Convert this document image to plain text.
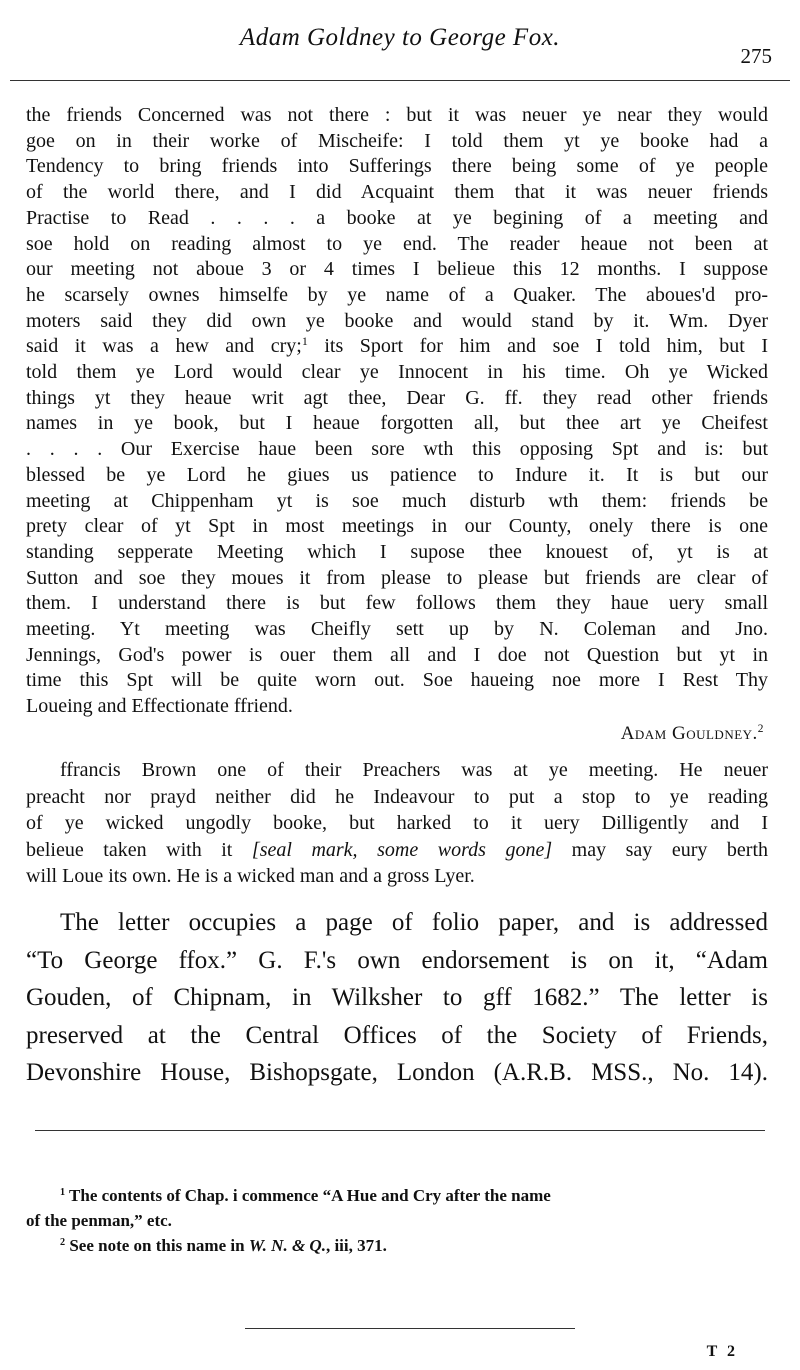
Adam Goldney to George Fox.
275
the friends Concerned was not there : but it was neuer ye near they would
goe on in their worke of Mischeife: I told them yt ye booke had a
Tendency to bring friends into Sufferings there being some of ye people
of the world there, and I did Acquaint them that it was neuer friends
Practise to Read . . . . a booke at ye begining of a meeting and
soe hold on reading almost to ye end. The reader heaue not been at
our meeting not aboue 3 or 4 times I belieue this 12 months. I suppose
he scarsely ownes himselfe by ye name of a Quaker. The aboues'd pro-
moters said they did own ye booke and would stand by it. Wm. Dyer
said it was a hew and cry;$^1$ its Sport for him and soe I told him, but I
told them ye Lord would clear ye Innocent in his time. Oh ye Wicked
things yt they heaue writ agt thee, Dear G. ff. they read other friends
names in ye book, but I heaue forgotten all, but thee art ye Cheifest
. . . . Our Exercise haue been sore wth this opposing Spt and is: but
blessed be ye Lord he giues us patience to Indure it. It is but our
meeting at Chippenham yt is soe much disturb wth them: friends be
prety clear of yt Spt in most meetings in our County, onely there is one
standing sepperate Meeting which I supose thee knouest of, yt is at
Sutton and soe they moues it from please to please but friends are clear of
them. I understand there is but few follows them they haue uery small
meeting. Yt meeting was Cheifly sett up by N. Coleman and Jno.
Jennings, God's power is ouer them all and I doe not Question but yt in
time this Spt will be quite worn out. Soe haueing noe more I Rest Thy
Loueing and Effectionate ffriend.
Adam Gouldney.$^2$
ffrancis Brown one of their Preachers was at ye meeting. He neuer
preacht nor prayd neither did he Indeavour to put a stop to ye reading
of ye wicked ungodly booke, but harked to it uery Dilligently and I
belieue taken with it [seal mark, some words gone] may say eury berth
will Loue its own. He is a wicked man and a gross Lyer.
The letter occupies a page of folio paper, and is addressed
“To George ffox.” G. F.'s own endorsement is on it, “Adam
Gouden, of Chipnam, in Wilksher to gff 1682.” The letter is
preserved at the Central Offices of the Society of Friends,
Devonshire House, Bishopsgate, London (A.R.B. MSS., No. 14).
$^1$ The contents of Chap. i commence “A Hue and Cry after the name
of the penman,” etc.
$^2$ See note on this name in W. N. & Q., iii, 371.
T 2
